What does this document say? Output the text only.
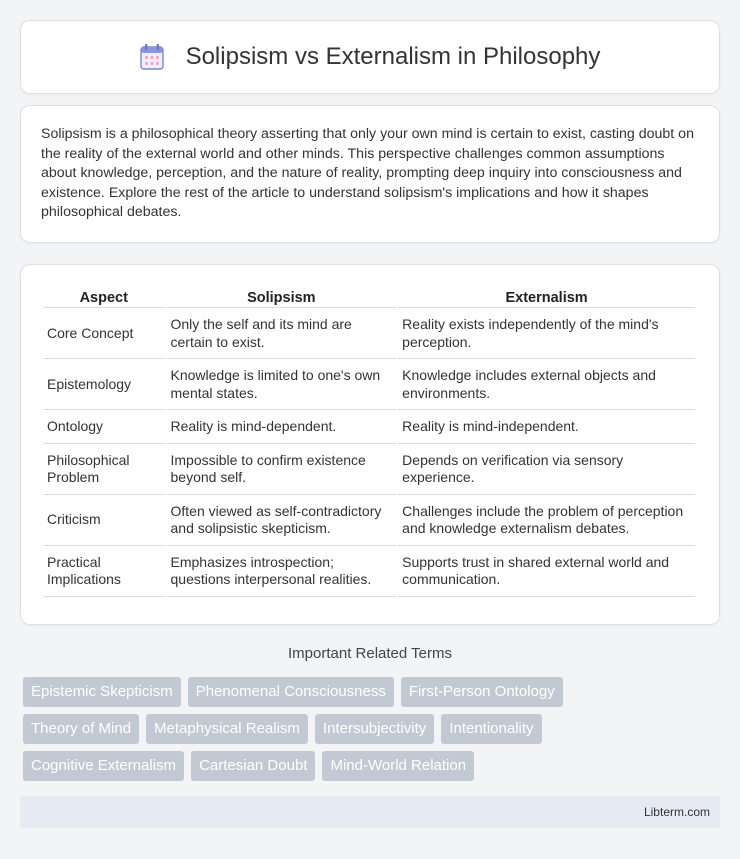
Solipsism vs Externalism in Philosophy

Solipsism is a philosophical theory asserting that only your own mind is certain to exist, casting doubt on the reality of the external world and other minds. This perspective challenges common assumptions about knowledge, perception, and the nature of reality, prompting deep inquiry into consciousness and existence. Explore the rest of the article to understand solipsism's implications and how it shapes philosophical debates.

Aspect	Solipsism	Externalism
Core Concept	Only the self and its mind are certain to exist.	Reality exists independently of the mind's perception.
Epistemology	Knowledge is limited to one's own mental states.	Knowledge includes external objects and environments.
Ontology	Reality is mind-dependent.	Reality is mind-independent.
Philosophical Problem	Impossible to confirm existence beyond self.	Depends on verification via sensory experience.
Criticism	Often viewed as self-contradictory and solipsistic skepticism.	Challenges include the problem of perception and knowledge externalism debates.
Practical Implications	Emphasizes introspection; questions interpersonal realities.	Supports trust in shared external world and communication.
Important Related Terms
Epistemic Skepticism	Phenomenal Consciousness	First-Person Ontology
Theory of Mind	Metaphysical Realism	Intersubjectivity	Intentionality
Cognitive Externalism	Cartesian Doubt	Mind-World Relation
Libterm.com
